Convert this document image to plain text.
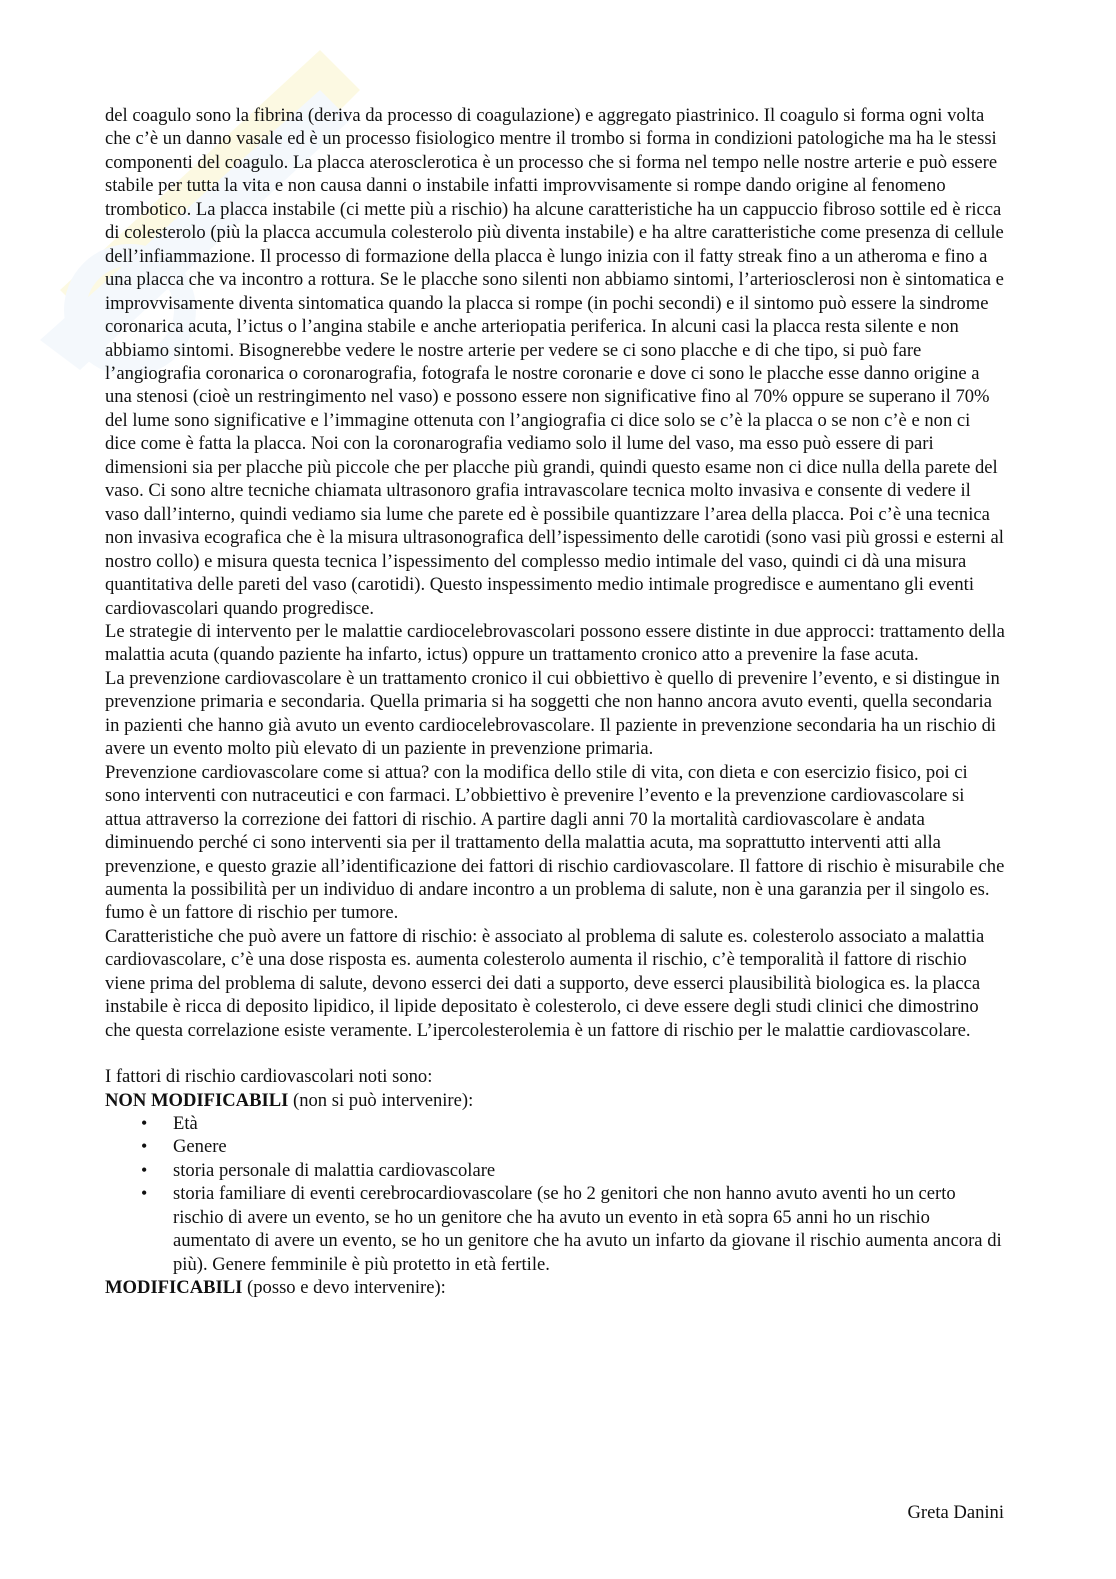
del coagulo sono la fibrina (deriva da processo di coagulazione) e aggregato piastrinico. Il coagulo si forma ogni volta che c’è un danno vasale ed è un processo fisiologico mentre il trombo si forma in condizioni patologiche ma ha le stessi componenti del coagulo. La placca aterosclerotica è un processo che si forma nel tempo nelle nostre arterie e può essere stabile per tutta la vita e non causa danni o instabile infatti improvvisamente si rompe dando origine al fenomeno trombotico. La placca instabile (ci mette più a rischio) ha alcune caratteristiche ha un cappuccio fibroso sottile ed è ricca di colesterolo (più la placca accumula colesterolo più diventa instabile) e ha altre caratteristiche come presenza di cellule dell’infiammazione. Il processo di formazione della placca è lungo inizia con il fatty streak fino a un atheroma e fino a una placca che va incontro a rottura. Se le placche sono silenti non abbiamo sintomi, l’arteriosclerosi non è sintomatica e improvvisamente diventa sintomatica quando la placca si rompe (in pochi secondi) e il sintomo può essere la sindrome coronarica acuta, l’ictus o l’angina stabile e anche arteriopatia periferica. In alcuni casi la placca resta silente e non abbiamo sintomi. Bisognerebbe vedere le nostre arterie per vedere se ci sono placche e di che tipo, si può fare l’angiografia coronarica o coronarografia, fotografa le nostre coronarie e dove ci sono le placche esse danno origine a una stenosi (cioè un restringimento nel vaso) e possono essere non significative fino al 70% oppure se superano il 70% del lume sono significative e l’immagine ottenuta con l’angiografia ci dice solo se c’è la placca o se non c’è e non ci dice come è fatta la placca. Noi con la coronarografia vediamo solo il lume del vaso, ma esso può essere di pari dimensioni sia per placche più piccole che per placche più grandi, quindi questo esame non ci dice nulla della parete del vaso. Ci sono altre tecniche chiamata ultrasonoro grafia intravascolare tecnica molto invasiva e consente di vedere il vaso dall’interno, quindi vediamo sia lume che parete ed è possibile quantizzare l’area della placca. Poi c’è una tecnica non invasiva ecografica che è la misura ultrasonografica dell’ispessimento delle carotidi (sono vasi più grossi e esterni al nostro collo) e misura questa tecnica l’ispessimento del complesso medio intimale del vaso, quindi ci dà una misura quantitativa delle pareti del vaso (carotidi). Questo inspessimento medio intimale progredisce e aumentano gli eventi cardiovascolari quando progredisce.

Le strategie di intervento per le malattie cardiocelebrovascolari possono essere distinte in due approcci: trattamento della malattia acuta (quando paziente ha infarto, ictus) oppure un trattamento cronico atto a prevenire la fase acuta.

La prevenzione cardiovascolare è un trattamento cronico il cui obbiettivo è quello di prevenire l’evento, e si distingue in prevenzione primaria e secondaria. Quella primaria si ha soggetti che non hanno ancora avuto eventi, quella secondaria in pazienti che hanno già avuto un evento cardiocelebrovascolare. Il paziente in prevenzione secondaria ha un rischio di avere un evento molto più elevato di un paziente in prevenzione primaria.

Prevenzione cardiovascolare come si attua? con la modifica dello stile di vita, con dieta e con esercizio fisico, poi ci sono interventi con nutraceutici e con farmaci. L’obbiettivo è prevenire l’evento e la prevenzione cardiovascolare si attua attraverso la correzione dei fattori di rischio. A partire dagli anni 70 la mortalità cardiovascolare è andata diminuendo perché ci sono interventi sia per il trattamento della malattia acuta, ma soprattutto interventi atti alla prevenzione, e questo grazie all’identificazione dei fattori di rischio cardiovascolare. Il fattore di rischio è misurabile che aumenta la possibilità per un individuo di andare incontro a un problema di salute, non è una garanzia per il singolo es. fumo è un fattore di rischio per tumore.

Caratteristiche che può avere un fattore di rischio: è associato al problema di salute es. colesterolo associato a malattia cardiovascolare, c’è una dose risposta es. aumenta colesterolo aumenta il rischio, c’è temporalità il fattore di rischio viene prima del problema di salute, devono esserci dei dati a supporto, deve esserci plausibilità biologica es. la placca instabile è ricca di deposito lipidico, il lipide depositato è colesterolo, ci deve essere degli studi clinici che dimostrino che questa correlazione esiste veramente. L’ipercolesterolemia è un fattore di rischio per le malattie cardiovascolare.

I fattori di rischio cardiovascolari noti sono:

NON MODIFICABILI (non si può intervenire):

• Età
• Genere
• storia personale di malattia cardiovascolare
• storia familiare di eventi cerebrocardiovascolare (se ho 2 genitori che non hanno avuto aventi ho un certo rischio di avere un evento, se ho un genitore che ha avuto un evento in età sopra 65 anni ho un rischio aumentato di avere un evento, se ho un genitore che ha avuto un infarto da giovane il rischio aumenta ancora di più). Genere femminile è più protetto in età fertile.

MODIFICABILI (posso e devo intervenire):

Greta Danini
